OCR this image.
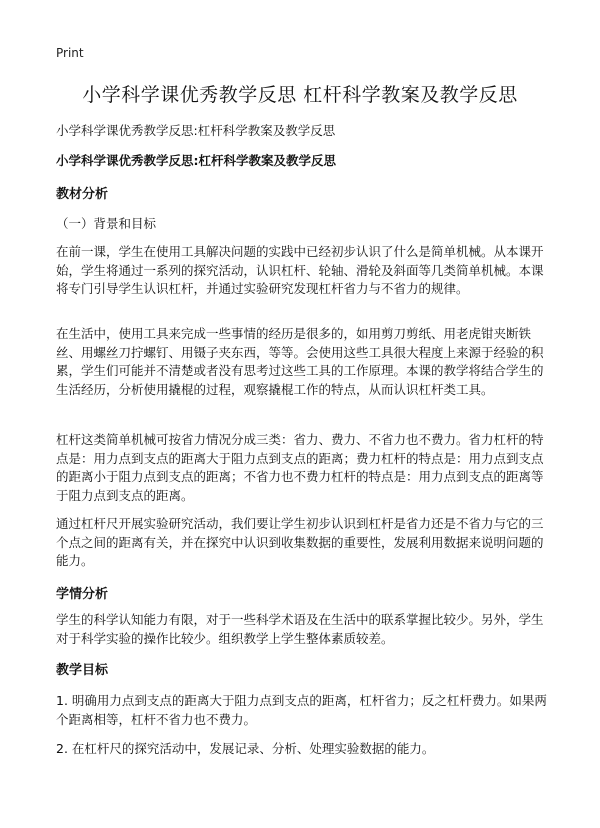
Print
小学科学课优秀教学反思 杠杆科学教案及教学反思
小学科学课优秀教学反思:杠杆科学教案及教学反思
小学科学课优秀教学反思:杠杆科学教案及教学反思
教材分析
（一）背景和目标

在前一课，学生在使用工具解决问题的实践中已经初步认识了什么是简单机械。从本课开始，学生将通过一系列的探究活动，认识杠杆、轮轴、滑轮及斜面等几类简单机械。本课将专门引导学生认识杠杆，并通过实验研究发现杠杆省力与不省力的规律。

在生活中，使用工具来完成一些事情的经历是很多的，如用剪刀剪纸、用老虎钳夹断铁丝、用螺丝刀拧螺钉、用镊子夹东西，等等。会使用这些工具很大程度上来源于经验的积累，学生们可能并不清楚或者没有思考过这些工具的工作原理。本课的教学将结合学生的生活经历，分析使用撬棍的过程，观察撬棍工作的特点，从而认识杠杆类工具。

杠杆这类简单机械可按省力情况分成三类：省力、费力、不省力也不费力。省力杠杆的特点是：用力点到支点的距离大于阻力点到支点的距离；费力杠杆的特点是：用力点到支点的距离小于阻力点到支点的距离；不省力也不费力杠杆的特点是：用力点到支点的距离等于阻力点到支点的距离。

通过杠杆尺开展实验研究活动，我们要让学生初步认识到杠杆是省力还是不省力与它的三个点之间的距离有关，并在探究中认识到收集数据的重要性，发展利用数据来说明问题的能力。

学情分析

学生的科学认知能力有限，对于一些科学术语及在生活中的联系掌握比较少。另外，学生对于科学实验的操作比较少。组织教学上学生整体素质较差。

教学目标

1. 明确用力点到支点的距离大于阻力点到支点的距离，杠杆省力；反之杠杆费力。如果两个距离相等，杠杆不省力也不费力。

2. 在杠杆尺的探究活动中，发展记录、分析、处理实验数据的能力。
